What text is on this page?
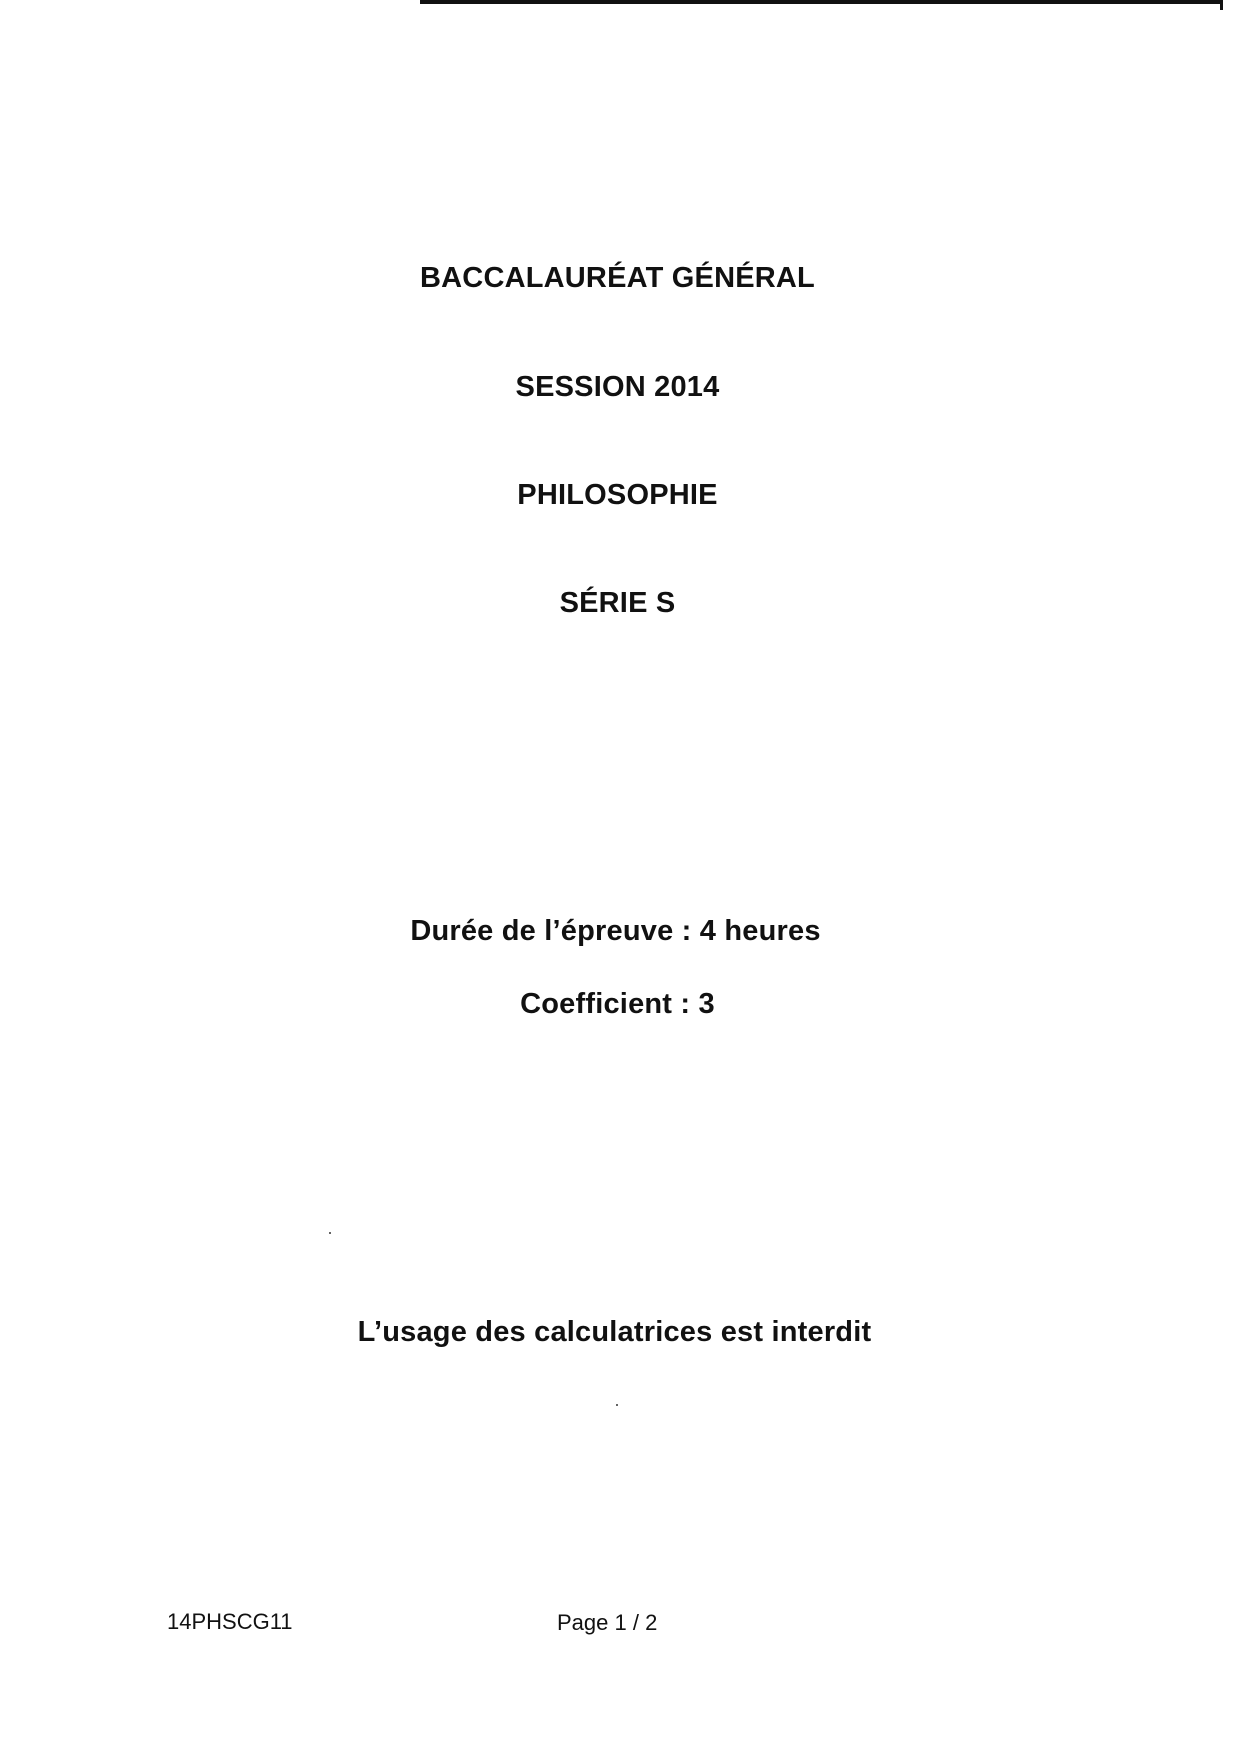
BACCALAURÉAT GÉNÉRAL
SESSION 2014
PHILOSOPHIE
SÉRIE S
Durée de l’épreuve : 4 heures
Coefficient : 3
L’usage des calculatrices est interdit
14PHSCG11	Page 1 / 2
